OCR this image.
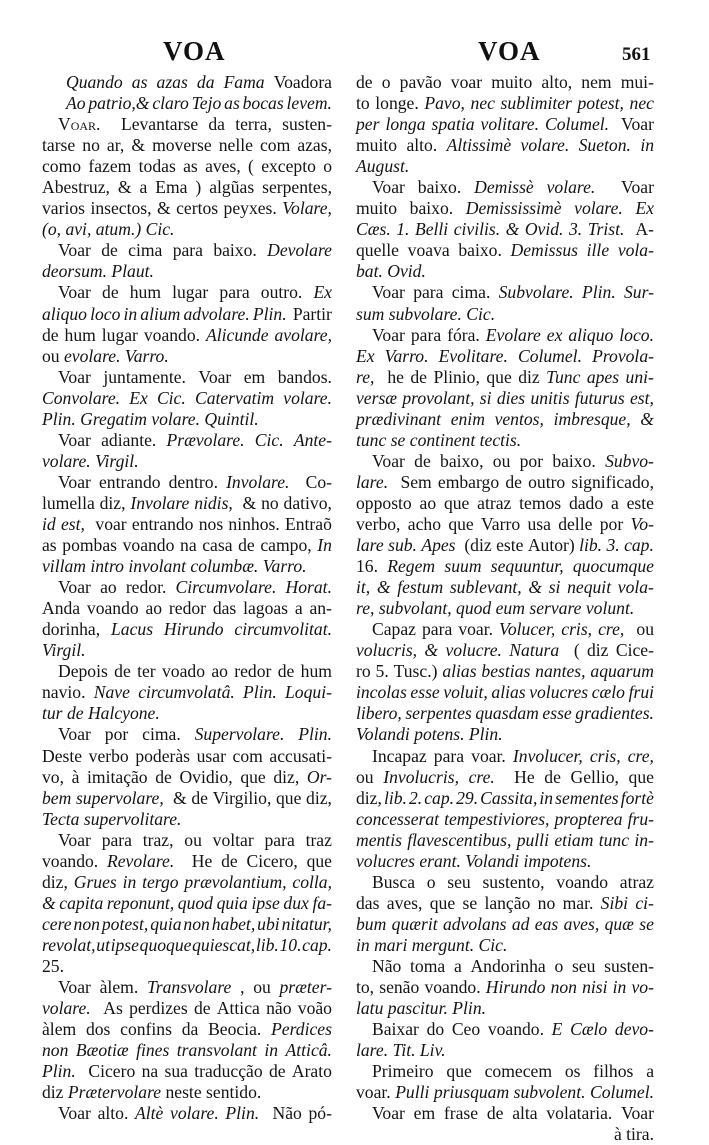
VOA	VOA	561
Quando as azas da Fama Voadora
Ao patrio,& claro Tejo as bocas levem.
Voar. Levantarse da terra, susten-
tarse no ar, & moverse nelle com azas,
como fazem todas as aves, ( excepto o
Abestruz, & a Ema ) algũas serpentes,
varios insectos, & certos peyxes. Volare,
(o, avi, atum.) Cic.
Voar de cima para baixo. Devolare
deorsum. Plaut.
Voar de hum lugar para outro. Ex
aliquo loco in alium advolare. Plin. Partir
de hum lugar voando. Alicunde avolare,
ou evolare. Varro.
Voar juntamente. Voar em bandos.
Convolare. Ex Cic. Catervatim volare.
Plin. Gregatim volare. Quintil.
Voar adiante. Prævolare. Cic. Ante-
volare. Virgil.
Voar entrando dentro. Involare. Co-
lumella diz, Involare nidis, & no dativo,
id est, voar entrando nos ninhos. Entraõ
as pombas voando na casa de campo, In
villam intro involant columbæ. Varro.
Voar ao redor. Circumvolare. Horat.
Anda voando ao redor das lagoas a an-
dorinha, Lacus Hirundo circumvolitat.
Virgil.
Depois de ter voado ao redor de hum
navio. Nave circumvolatâ. Plin. Loqui-
tur de Halcyone.
Voar por cima. Supervolare. Plin.
Deste verbo poderàs usar com accusati-
vo, à imitação de Ovidio, que diz, Or-
bem supervolare, & de Virgilio, que diz,
Tecta supervolitare.
Voar para traz, ou voltar para traz
voando. Revolare. He de Cicero, que
diz, Grues in tergo prævolantium, colla,
& capita reponunt, quod quia ipse dux fa-
cere non potest, quia non habet, ubi nitatur,
revolat, ut ipse quoque quiescat, lib. 10. cap.
25.
Voar àlem. Transvolare , ou præter-
volare. As perdizes de Attica não voão
àlem dos confins da Beocia. Perdices
non Bæotiæ fines transvolant in Atticâ.
Plin. Cicero na sua traducção de Arato
diz Prætervolare
neste sentido.
Voar alto. Altè volare. Plin. Não pó-
de o pavão voar muito alto, nem mui-
to longe. Pavo, nec sublimiter potest, nec
per longa spatia volitare. Columel. Voar
muito alto. Altissimè volare. Sueton. in
August.
Voar baixo. Demissè volare. Voar
muito baixo. Demississimè volare. Ex
Cæs. 1. Belli civilis. & Ovid. 3. Trist. A-
quelle voava baixo. Demissus ille vola-
bat. Ovid.
Voar para cima. Subvolare. Plin. Sur-
sum subvolare. Cic.
Voar para fóra. Evolare ex aliquo loco.
Ex Varro. Evolitare. Columel. Provola-
re, he de Plinio, que diz Tunc apes uni-
versæ provolant, si dies unitis futurus est,
prædivinant enim ventos, imbresque, &
tunc se continent tectis.
Voar de baixo, ou por baixo. Subvo-
lare. Sem embargo de outro significado,
opposto ao que atraz temos dado a este
verbo, acho que Varro usa delle por Vo-
lare sub. Apes (diz este Autor) lib. 3. cap.
16. Regem suum sequuntur, quocumque
it, & festum sublevant, & si nequit vola-
re, subvolant, quod eum servare volunt.
Capaz para voar. Volucer, cris, cre, ou
volucris, & volucre. Natura ( diz Cice-
ro 5. Tusc.) alias bestias nantes, aquarum
incolas esse voluit, alias volucres cælo frui
libero, serpentes quasdam esse gradientes.
Volandi potens. Plin.
Incapaz para voar. Involucer, cris, cre,
ou Involucris, cre. He de Gellio, que
diz, lib. 2. cap. 29. Cassita, in sementes fortè
concesserat tempestiviores, propterea fru-
mentis flavescentibus, pulli etiam tunc in-
volucres erant. Volandi impotens.
Busca o seu sustento, voando atraz
das aves, que se lanção no mar. Sibi ci-
bum quærit advolans ad eas aves, quæ se
in mari mergunt. Cic.
Não toma a Andorinha o seu susten-
to, senão voando. Hirundo non nisi in vo-
latu pascitur. Plin.
Baixar do Ceo voando. E Cælo devo-
lare. Tit. Liv.
Primeiro que comecem os filhos a
voar. Pulli priusquam subvolent. Columel.
Voar em frase de alta volataria. Voar
à tira.
